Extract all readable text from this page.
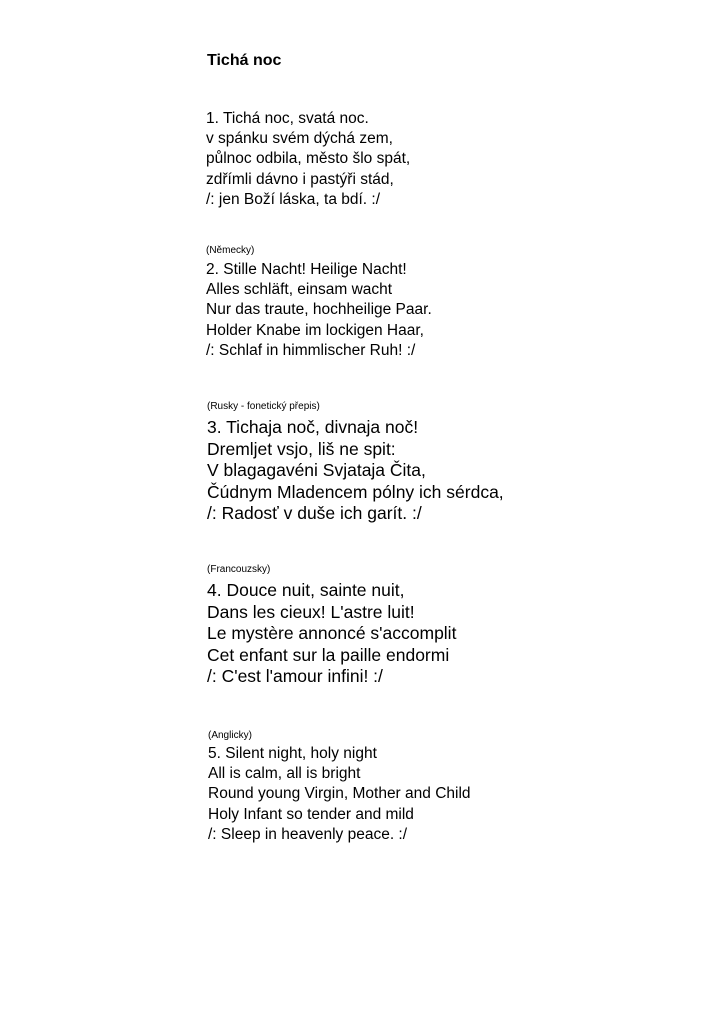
Tichá noc
1. Tichá noc, svatá noc.
v spánku svém dýchá zem,
půlnoc odbila, město šlo spát,
zdřímli dávno i pastýři stád,
/: jen Boží láska, ta bdí. :/
(Německy)
2. Stille Nacht! Heilige Nacht!
Alles schläft, einsam wacht
Nur das traute, hochheilige Paar.
Holder Knabe im lockigen Haar,
/: Schlaf in himmlischer Ruh! :/
(Rusky - fonetický přepis)
3. Tichaja noč, divnaja noč!
Dremljet vsjo, liš ne spit:
V blagagavéni Svjataja Čita,
Čúdnym Mladencem pólny ich sérdca,
/: Radosť v duše ich garít. :/
(Francouzsky)
4. Douce nuit, sainte nuit,
Dans les cieux! L'astre luit!
Le mystère annoncé s'accomplit
Cet enfant sur la paille endormi
/: C'est l'amour infini! :/
(Anglicky)
5. Silent night, holy night
All is calm, all is bright
Round young Virgin, Mother and Child
Holy Infant so tender and mild
/: Sleep in heavenly peace. :/
